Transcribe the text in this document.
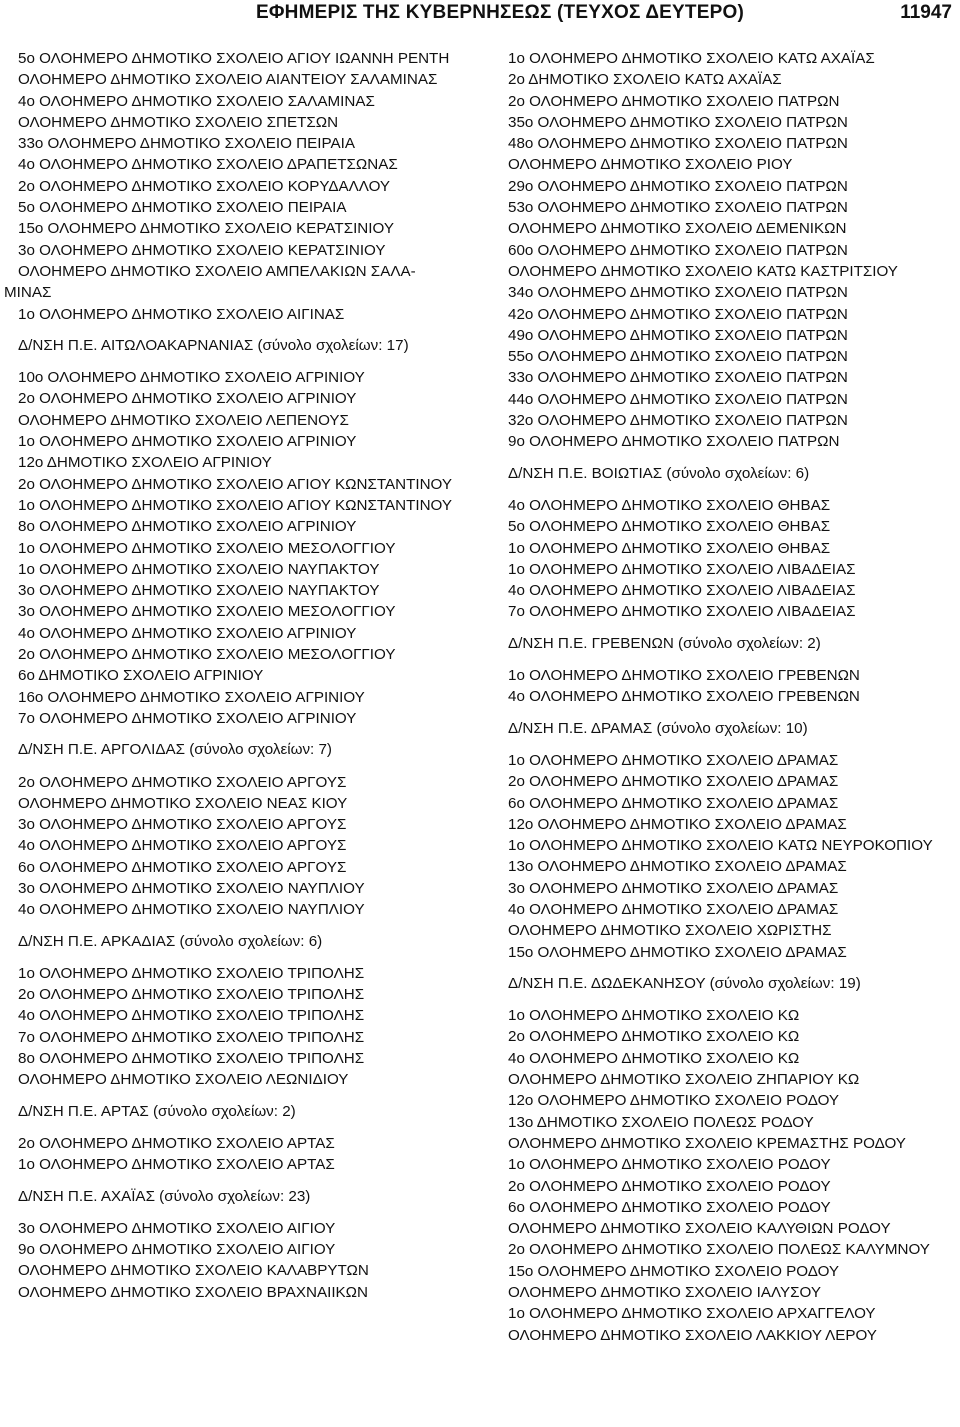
ΕΦΗΜΕΡΙΣ ΤΗΣ ΚΥΒΕΡΝΗΣΕΩΣ (ΤΕΥΧΟΣ ΔΕΥΤΕΡΟ)	11947
5ο ΟΛΟΗΜΕΡΟ ΔΗΜΟΤΙΚΟ ΣΧΟΛΕΙΟ ΑΓΙΟΥ ΙΩΑΝΝΗ ΡΕΝΤΗ
ΟΛΟΗΜΕΡΟ ΔΗΜΟΤΙΚΟ ΣΧΟΛΕΙΟ ΑΙΑΝΤΕΙΟΥ ΣΑΛΑΜΙΝΑΣ
4ο ΟΛΟΗΜΕΡΟ ΔΗΜΟΤΙΚΟ ΣΧΟΛΕΙΟ ΣΑΛΑΜΙΝΑΣ
ΟΛΟΗΜΕΡΟ ΔΗΜΟΤΙΚΟ ΣΧΟΛΕΙΟ ΣΠΕΤΣΩΝ
33ο ΟΛΟΗΜΕΡΟ ΔΗΜΟΤΙΚΟ ΣΧΟΛΕΙΟ ΠΕΙΡΑΙΑ
4ο ΟΛΟΗΜΕΡΟ ΔΗΜΟΤΙΚΟ ΣΧΟΛΕΙΟ ΔΡΑΠΕΤΣΩΝΑΣ
2ο ΟΛΟΗΜΕΡΟ ΔΗΜΟΤΙΚΟ ΣΧΟΛΕΙΟ ΚΟΡΥΔΑΛΛΟΥ
5ο ΟΛΟΗΜΕΡΟ ΔΗΜΟΤΙΚΟ ΣΧΟΛΕΙΟ ΠΕΙΡΑΙΑ
15ο ΟΛΟΗΜΕΡΟ ΔΗΜΟΤΙΚΟ ΣΧΟΛΕΙΟ ΚΕΡΑΤΣΙΝΙΟΥ
3ο ΟΛΟΗΜΕΡΟ ΔΗΜΟΤΙΚΟ ΣΧΟΛΕΙΟ ΚΕΡΑΤΣΙΝΙΟΥ
ΟΛΟΗΜΕΡΟ ΔΗΜΟΤΙΚΟ ΣΧΟΛΕΙΟ ΑΜΠΕΛΑΚΙΩΝ ΣΑΛΑ-
ΜΙΝΑΣ
1ο ΟΛΟΗΜΕΡΟ ΔΗΜΟΤΙΚΟ ΣΧΟΛΕΙΟ ΑΙΓΙΝΑΣ
Δ/ΝΣΗ Π.Ε. ΑΙΤΩΛΟΑΚΑΡΝΑΝΙΑΣ (σύνολο σχολείων: 17)
10ο ΟΛΟΗΜΕΡΟ ΔΗΜΟΤΙΚΟ ΣΧΟΛΕΙΟ ΑΓΡΙΝΙΟΥ
2ο ΟΛΟΗΜΕΡΟ ΔΗΜΟΤΙΚΟ ΣΧΟΛΕΙΟ ΑΓΡΙΝΙΟΥ
ΟΛΟΗΜΕΡΟ ΔΗΜΟΤΙΚΟ ΣΧΟΛΕΙΟ ΛΕΠΕΝΟΥΣ
1ο ΟΛΟΗΜΕΡΟ ΔΗΜΟΤΙΚΟ ΣΧΟΛΕΙΟ ΑΓΡΙΝΙΟΥ
12ο ΔΗΜΟΤΙΚΟ ΣΧΟΛΕΙΟ ΑΓΡΙΝΙΟΥ
2ο ΟΛΟΗΜΕΡΟ ΔΗΜΟΤΙΚΟ ΣΧΟΛΕΙΟ ΑΓΙΟΥ ΚΩΝΣΤΑΝΤΙΝΟΥ
1ο ΟΛΟΗΜΕΡΟ ΔΗΜΟΤΙΚΟ ΣΧΟΛΕΙΟ ΑΓΙΟΥ ΚΩΝΣΤΑΝΤΙΝΟΥ
8ο ΟΛΟΗΜΕΡΟ ΔΗΜΟΤΙΚΟ ΣΧΟΛΕΙΟ ΑΓΡΙΝΙΟΥ
1ο ΟΛΟΗΜΕΡΟ ΔΗΜΟΤΙΚΟ ΣΧΟΛΕΙΟ ΜΕΣΟΛΟΓΓΙΟΥ
1ο ΟΛΟΗΜΕΡΟ ΔΗΜΟΤΙΚΟ ΣΧΟΛΕΙΟ ΝΑΥΠΑΚΤΟΥ
3ο ΟΛΟΗΜΕΡΟ ΔΗΜΟΤΙΚΟ ΣΧΟΛΕΙΟ ΝΑΥΠΑΚΤΟΥ
3ο ΟΛΟΗΜΕΡΟ ΔΗΜΟΤΙΚΟ ΣΧΟΛΕΙΟ ΜΕΣΟΛΟΓΓΙΟΥ
4ο ΟΛΟΗΜΕΡΟ ΔΗΜΟΤΙΚΟ ΣΧΟΛΕΙΟ ΑΓΡΙΝΙΟΥ
2ο ΟΛΟΗΜΕΡΟ ΔΗΜΟΤΙΚΟ ΣΧΟΛΕΙΟ ΜΕΣΟΛΟΓΓΙΟΥ
6ο ΔΗΜΟΤΙΚΟ ΣΧΟΛΕΙΟ ΑΓΡΙΝΙΟΥ
16ο ΟΛΟΗΜΕΡΟ ΔΗΜΟΤΙΚΟ ΣΧΟΛΕΙΟ ΑΓΡΙΝΙΟΥ
7ο ΟΛΟΗΜΕΡΟ ΔΗΜΟΤΙΚΟ ΣΧΟΛΕΙΟ ΑΓΡΙΝΙΟΥ
Δ/ΝΣΗ Π.Ε. ΑΡΓΟΛΙΔΑΣ (σύνολο σχολείων: 7)
2ο ΟΛΟΗΜΕΡΟ ΔΗΜΟΤΙΚΟ ΣΧΟΛΕΙΟ ΑΡΓΟΥΣ
ΟΛΟΗΜΕΡΟ ΔΗΜΟΤΙΚΟ ΣΧΟΛΕΙΟ ΝΕΑΣ ΚΙΟΥ
3ο ΟΛΟΗΜΕΡΟ ΔΗΜΟΤΙΚΟ ΣΧΟΛΕΙΟ ΑΡΓΟΥΣ
4ο ΟΛΟΗΜΕΡΟ ΔΗΜΟΤΙΚΟ ΣΧΟΛΕΙΟ ΑΡΓΟΥΣ
6ο ΟΛΟΗΜΕΡΟ ΔΗΜΟΤΙΚΟ ΣΧΟΛΕΙΟ ΑΡΓΟΥΣ
3ο ΟΛΟΗΜΕΡΟ ΔΗΜΟΤΙΚΟ ΣΧΟΛΕΙΟ ΝΑΥΠΛΙΟΥ
4ο ΟΛΟΗΜΕΡΟ ΔΗΜΟΤΙΚΟ ΣΧΟΛΕΙΟ ΝΑΥΠΛΙΟΥ
Δ/ΝΣΗ Π.Ε. ΑΡΚΑΔΙΑΣ (σύνολο σχολείων: 6)
1ο ΟΛΟΗΜΕΡΟ ΔΗΜΟΤΙΚΟ ΣΧΟΛΕΙΟ ΤΡΙΠΟΛΗΣ
2ο ΟΛΟΗΜΕΡΟ ΔΗΜΟΤΙΚΟ ΣΧΟΛΕΙΟ ΤΡΙΠΟΛΗΣ
4ο ΟΛΟΗΜΕΡΟ ΔΗΜΟΤΙΚΟ ΣΧΟΛΕΙΟ ΤΡΙΠΟΛΗΣ
7ο ΟΛΟΗΜΕΡΟ ΔΗΜΟΤΙΚΟ ΣΧΟΛΕΙΟ ΤΡΙΠΟΛΗΣ
8ο ΟΛΟΗΜΕΡΟ ΔΗΜΟΤΙΚΟ ΣΧΟΛΕΙΟ ΤΡΙΠΟΛΗΣ
ΟΛΟΗΜΕΡΟ ΔΗΜΟΤΙΚΟ ΣΧΟΛΕΙΟ ΛΕΩΝΙΔΙΟΥ
Δ/ΝΣΗ Π.Ε. ΑΡΤΑΣ (σύνολο σχολείων: 2)
2ο ΟΛΟΗΜΕΡΟ ΔΗΜΟΤΙΚΟ ΣΧΟΛΕΙΟ ΑΡΤΑΣ
1ο ΟΛΟΗΜΕΡΟ ΔΗΜΟΤΙΚΟ ΣΧΟΛΕΙΟ ΑΡΤΑΣ
Δ/ΝΣΗ Π.Ε. ΑΧΑΪΑΣ (σύνολο σχολείων: 23)
3ο ΟΛΟΗΜΕΡΟ ΔΗΜΟΤΙΚΟ ΣΧΟΛΕΙΟ ΑΙΓΙΟΥ
9ο ΟΛΟΗΜΕΡΟ ΔΗΜΟΤΙΚΟ ΣΧΟΛΕΙΟ ΑΙΓΙΟΥ
ΟΛΟΗΜΕΡΟ ΔΗΜΟΤΙΚΟ ΣΧΟΛΕΙΟ ΚΑΛΑΒΡΥΤΩΝ
ΟΛΟΗΜΕΡΟ ΔΗΜΟΤΙΚΟ ΣΧΟΛΕΙΟ ΒΡΑΧΝΑΙΙΚΩΝ
1ο ΟΛΟΗΜΕΡΟ ΔΗΜΟΤΙΚΟ ΣΧΟΛΕΙΟ ΚΑΤΩ ΑΧΑΪΑΣ
2ο ΔΗΜΟΤΙΚΟ ΣΧΟΛΕΙΟ ΚΑΤΩ ΑΧΑΪΑΣ
2ο ΟΛΟΗΜΕΡΟ ΔΗΜΟΤΙΚΟ ΣΧΟΛΕΙΟ ΠΑΤΡΩΝ
35ο ΟΛΟΗΜΕΡΟ ΔΗΜΟΤΙΚΟ ΣΧΟΛΕΙΟ ΠΑΤΡΩΝ
48ο ΟΛΟΗΜΕΡΟ ΔΗΜΟΤΙΚΟ ΣΧΟΛΕΙΟ ΠΑΤΡΩΝ
ΟΛΟΗΜΕΡΟ ΔΗΜΟΤΙΚΟ ΣΧΟΛΕΙΟ ΡΙΟΥ
29ο ΟΛΟΗΜΕΡΟ ΔΗΜΟΤΙΚΟ ΣΧΟΛΕΙΟ ΠΑΤΡΩΝ
53ο ΟΛΟΗΜΕΡΟ ΔΗΜΟΤΙΚΟ ΣΧΟΛΕΙΟ ΠΑΤΡΩΝ
ΟΛΟΗΜΕΡΟ ΔΗΜΟΤΙΚΟ ΣΧΟΛΕΙΟ ΔΕΜΕΝΙΚΩΝ
60ο ΟΛΟΗΜΕΡΟ ΔΗΜΟΤΙΚΟ ΣΧΟΛΕΙΟ ΠΑΤΡΩΝ
ΟΛΟΗΜΕΡΟ ΔΗΜΟΤΙΚΟ ΣΧΟΛΕΙΟ ΚΑΤΩ ΚΑΣΤΡΙΤΣΙΟΥ
34ο ΟΛΟΗΜΕΡΟ ΔΗΜΟΤΙΚΟ ΣΧΟΛΕΙΟ ΠΑΤΡΩΝ
42ο ΟΛΟΗΜΕΡΟ ΔΗΜΟΤΙΚΟ ΣΧΟΛΕΙΟ ΠΑΤΡΩΝ
49ο ΟΛΟΗΜΕΡΟ ΔΗΜΟΤΙΚΟ ΣΧΟΛΕΙΟ ΠΑΤΡΩΝ
55ο ΟΛΟΗΜΕΡΟ ΔΗΜΟΤΙΚΟ ΣΧΟΛΕΙΟ ΠΑΤΡΩΝ
33ο ΟΛΟΗΜΕΡΟ ΔΗΜΟΤΙΚΟ ΣΧΟΛΕΙΟ ΠΑΤΡΩΝ
44ο ΟΛΟΗΜΕΡΟ ΔΗΜΟΤΙΚΟ ΣΧΟΛΕΙΟ ΠΑΤΡΩΝ
32ο ΟΛΟΗΜΕΡΟ ΔΗΜΟΤΙΚΟ ΣΧΟΛΕΙΟ ΠΑΤΡΩΝ
9ο ΟΛΟΗΜΕΡΟ ΔΗΜΟΤΙΚΟ ΣΧΟΛΕΙΟ ΠΑΤΡΩΝ
Δ/ΝΣΗ Π.Ε. ΒΟΙΩΤΙΑΣ (σύνολο σχολείων: 6)
4ο ΟΛΟΗΜΕΡΟ ΔΗΜΟΤΙΚΟ ΣΧΟΛΕΙΟ ΘΗΒΑΣ
5ο ΟΛΟΗΜΕΡΟ ΔΗΜΟΤΙΚΟ ΣΧΟΛΕΙΟ ΘΗΒΑΣ
1ο ΟΛΟΗΜΕΡΟ ΔΗΜΟΤΙΚΟ ΣΧΟΛΕΙΟ ΘΗΒΑΣ
1ο ΟΛΟΗΜΕΡΟ ΔΗΜΟΤΙΚΟ ΣΧΟΛΕΙΟ ΛΙΒΑΔΕΙΑΣ
4ο ΟΛΟΗΜΕΡΟ ΔΗΜΟΤΙΚΟ ΣΧΟΛΕΙΟ ΛΙΒΑΔΕΙΑΣ
7ο ΟΛΟΗΜΕΡΟ ΔΗΜΟΤΙΚΟ ΣΧΟΛΕΙΟ ΛΙΒΑΔΕΙΑΣ
Δ/ΝΣΗ Π.Ε. ΓΡΕΒΕΝΩΝ (σύνολο σχολείων: 2)
1ο ΟΛΟΗΜΕΡΟ ΔΗΜΟΤΙΚΟ ΣΧΟΛΕΙΟ ΓΡΕΒΕΝΩΝ
4ο ΟΛΟΗΜΕΡΟ ΔΗΜΟΤΙΚΟ ΣΧΟΛΕΙΟ ΓΡΕΒΕΝΩΝ
Δ/ΝΣΗ Π.Ε. ΔΡΑΜΑΣ (σύνολο σχολείων: 10)
1ο ΟΛΟΗΜΕΡΟ ΔΗΜΟΤΙΚΟ ΣΧΟΛΕΙΟ ΔΡΑΜΑΣ
2ο ΟΛΟΗΜΕΡΟ ΔΗΜΟΤΙΚΟ ΣΧΟΛΕΙΟ ΔΡΑΜΑΣ
6ο ΟΛΟΗΜΕΡΟ ΔΗΜΟΤΙΚΟ ΣΧΟΛΕΙΟ ΔΡΑΜΑΣ
12ο ΟΛΟΗΜΕΡΟ ΔΗΜΟΤΙΚΟ ΣΧΟΛΕΙΟ ΔΡΑΜΑΣ
1ο ΟΛΟΗΜΕΡΟ ΔΗΜΟΤΙΚΟ ΣΧΟΛΕΙΟ ΚΑΤΩ ΝΕΥΡΟΚΟΠΙΟΥ
13ο ΟΛΟΗΜΕΡΟ ΔΗΜΟΤΙΚΟ ΣΧΟΛΕΙΟ ΔΡΑΜΑΣ
3ο ΟΛΟΗΜΕΡΟ ΔΗΜΟΤΙΚΟ ΣΧΟΛΕΙΟ ΔΡΑΜΑΣ
4ο ΟΛΟΗΜΕΡΟ ΔΗΜΟΤΙΚΟ ΣΧΟΛΕΙΟ ΔΡΑΜΑΣ
ΟΛΟΗΜΕΡΟ ΔΗΜΟΤΙΚΟ ΣΧΟΛΕΙΟ ΧΩΡΙΣΤΗΣ
15ο ΟΛΟΗΜΕΡΟ ΔΗΜΟΤΙΚΟ ΣΧΟΛΕΙΟ ΔΡΑΜΑΣ
Δ/ΝΣΗ Π.Ε. ΔΩΔΕΚΑΝΗΣΟΥ (σύνολο σχολείων: 19)
1ο ΟΛΟΗΜΕΡΟ ΔΗΜΟΤΙΚΟ ΣΧΟΛΕΙΟ ΚΩ
2ο ΟΛΟΗΜΕΡΟ ΔΗΜΟΤΙΚΟ ΣΧΟΛΕΙΟ ΚΩ
4ο ΟΛΟΗΜΕΡΟ ΔΗΜΟΤΙΚΟ ΣΧΟΛΕΙΟ ΚΩ
ΟΛΟΗΜΕΡΟ ΔΗΜΟΤΙΚΟ ΣΧΟΛΕΙΟ ΖΗΠΑΡΙΟΥ ΚΩ
12ο ΟΛΟΗΜΕΡΟ ΔΗΜΟΤΙΚΟ ΣΧΟΛΕΙΟ ΡΟΔΟΥ
13ο ΔΗΜΟΤΙΚΟ ΣΧΟΛΕΙΟ ΠΟΛΕΩΣ ΡΟΔΟΥ
ΟΛΟΗΜΕΡΟ ΔΗΜΟΤΙΚΟ ΣΧΟΛΕΙΟ ΚΡΕΜΑΣΤΗΣ ΡΟΔΟΥ
1ο ΟΛΟΗΜΕΡΟ ΔΗΜΟΤΙΚΟ ΣΧΟΛΕΙΟ ΡΟΔΟΥ
2ο ΟΛΟΗΜΕΡΟ ΔΗΜΟΤΙΚΟ ΣΧΟΛΕΙΟ ΡΟΔΟΥ
6ο ΟΛΟΗΜΕΡΟ ΔΗΜΟΤΙΚΟ ΣΧΟΛΕΙΟ ΡΟΔΟΥ
ΟΛΟΗΜΕΡΟ ΔΗΜΟΤΙΚΟ ΣΧΟΛΕΙΟ ΚΑΛΥΘΙΩΝ ΡΟΔΟΥ
2ο ΟΛΟΗΜΕΡΟ ΔΗΜΟΤΙΚΟ ΣΧΟΛΕΙΟ ΠΟΛΕΩΣ ΚΑΛΥΜΝΟΥ
15ο ΟΛΟΗΜΕΡΟ ΔΗΜΟΤΙΚΟ ΣΧΟΛΕΙΟ ΡΟΔΟΥ
ΟΛΟΗΜΕΡΟ ΔΗΜΟΤΙΚΟ ΣΧΟΛΕΙΟ ΙΑΛΥΣΟΥ
1ο ΟΛΟΗΜΕΡΟ ΔΗΜΟΤΙΚΟ ΣΧΟΛΕΙΟ ΑΡΧΑΓΓΕΛΟΥ
ΟΛΟΗΜΕΡΟ ΔΗΜΟΤΙΚΟ ΣΧΟΛΕΙΟ ΛΑΚΚΙΟΥ ΛΕΡΟΥ
